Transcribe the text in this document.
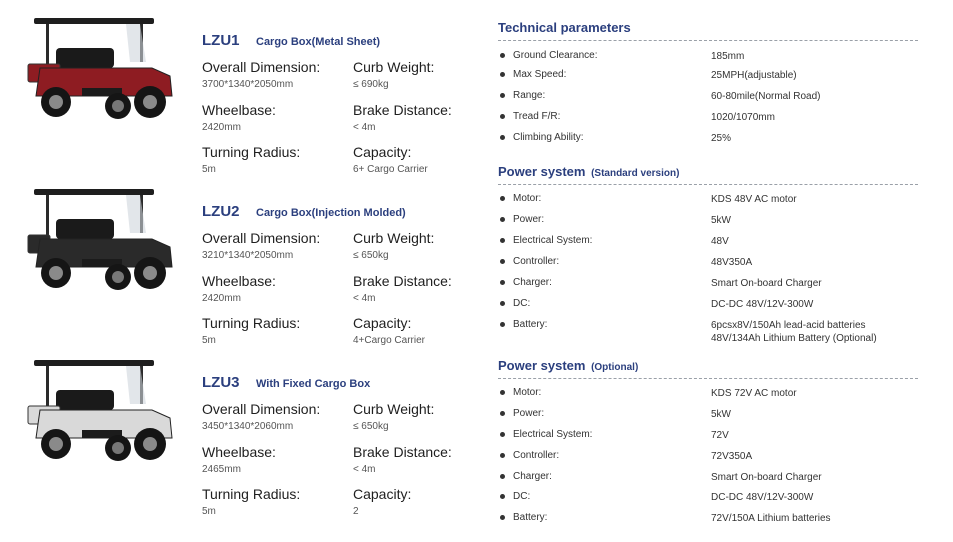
LZU1 Cargo Box(Metal Sheet)
Overall Dimension:
3700*1340*2050mm
Curb Weight:
≤ 690kg
Wheelbase:
2420mm
Brake Distance:
< 4m
Turning Radius:
5m
Capacity:
6+ Cargo Carrier
LZU2 Cargo Box(Injection Molded)
Overall Dimension:
3210*1340*2050mm
Curb Weight:
≤ 650kg
Wheelbase:
2420mm
Brake Distance:
< 4m
Turning Radius:
5m
Capacity:
4+Cargo Carrier
LZU3 With Fixed Cargo Box
Overall Dimension:
3450*1340*2060mm
Curb Weight:
≤ 650kg
Wheelbase:
2465mm
Brake Distance:
< 4m
Turning Radius:
5m
Capacity:
2
Technical parameters
Ground Clearance:	185mm
Max Speed:	25MPH(adjustable)
Range:	60-80mile(Normal Road)
Tread F/R:	1020/1070mm
Climbing Ability:	25%
Power system (Standard version)
Motor:	KDS 48V AC motor
Power:	5kW
Electrical System:	48V
Controller:	48V350A
Charger:	Smart On-board Charger
DC:	DC-DC 48V/12V-300W
Battery:	6pcsx8V/150Ah lead-acid batteries
48V/134Ah Lithium Battery (Optional)
Power system (Optional)
Motor:	KDS 72V AC motor
Power:	5kW
Electrical System:	72V
Controller:	72V350A
Charger:	Smart On-board Charger
DC:	DC-DC 48V/12V-300W
Battery:	72V/150A Lithium batteries
